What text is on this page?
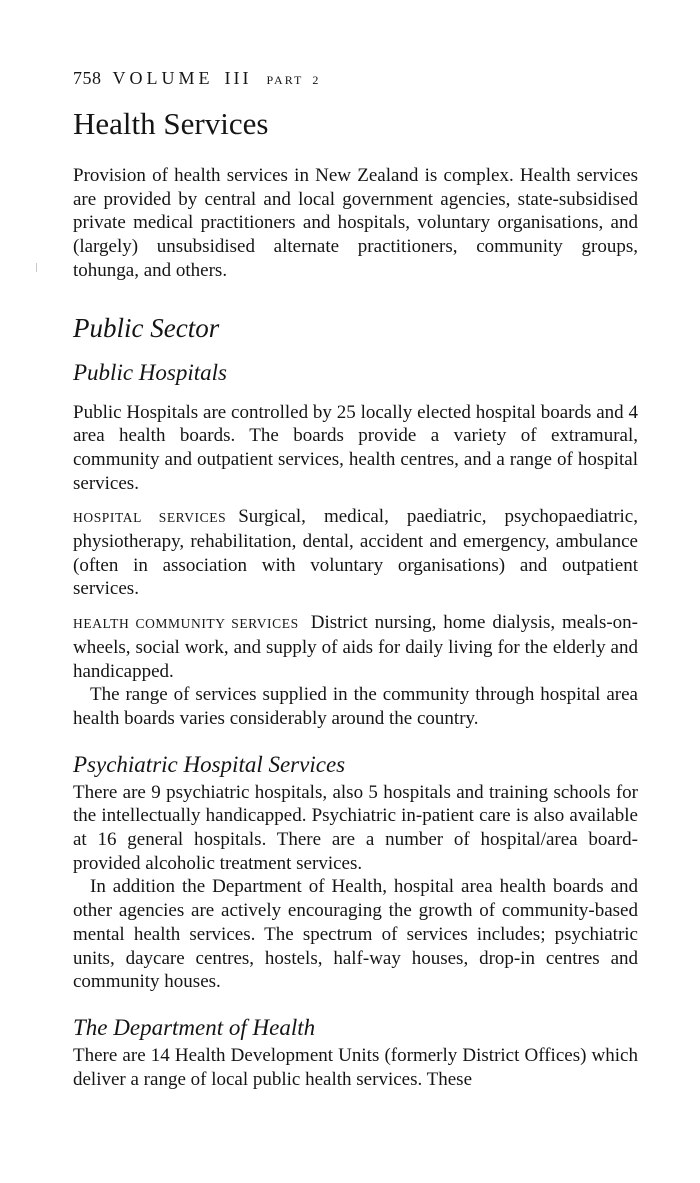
758 VOLUME III PART 2
Health Services

Provision of health services in New Zealand is complex. Health services are provided by central and local government agencies, state-subsidised private medical practitioners and hospitals, voluntary organisations, and (largely) unsubsidised alternate practitioners, community groups, tohunga, and others.

Public Sector
Public Hospitals

Public Hospitals are controlled by 25 locally elected hospital boards and 4 area health boards. The boards provide a variety of extramural, community and outpatient services, health centres, and a range of hospital services.

HOSPITAL SERVICES Surgical, medical, paediatric, psychopaediatric, physiotherapy, rehabilitation, dental, accident and emergency, ambulance (often in association with voluntary organisations) and outpatient services.

HEALTH COMMUNITY SERVICES District nursing, home dialysis, meals-on-wheels, social work, and supply of aids for daily living for the elderly and handicapped.

The range of services supplied in the community through hospital area health boards varies considerably around the country.

Psychiatric Hospital Services

There are 9 psychiatric hospitals, also 5 hospitals and training schools for the intellectually handicapped. Psychiatric in-patient care is also available at 16 general hospitals. There are a number of hospital/area board-provided alcoholic treatment services.

In addition the Department of Health, hospital area health boards and other agencies are actively encouraging the growth of community-based mental health services. The spectrum of services includes; psychiatric units, daycare centres, hostels, half-way houses, drop-in centres and community houses.

The Department of Health

There are 14 Health Development Units (formerly District Offices) which deliver a range of local public health services. These
